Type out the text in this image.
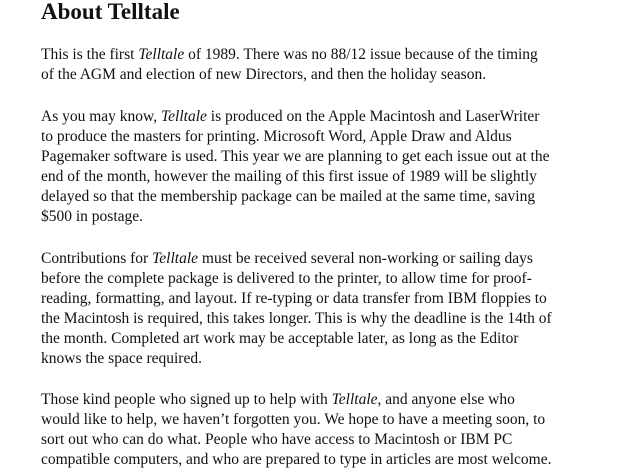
About Telltale

This is the first Telltale of 1989. There was no 88/12 issue because of the timing
of the AGM and election of new Directors, and then the holiday season.

As you may know, Telltale is produced on the Apple Macintosh and LaserWriter
to produce the masters for printing. Microsoft Word, Apple Draw and Aldus
Pagemaker software is used. This year we are planning to get each issue out at the
end of the month, however the mailing of this first issue of 1989 will be slightly
delayed so that the membership package can be mailed at the same time, saving
$500 in postage.

Contributions for Telltale must be received several non-working or sailing days
before the complete package is delivered to the printer, to allow time for proof-
reading, formatting, and layout. If re-typing or data transfer from IBM floppies to
the Macintosh is required, this takes longer. This is why the deadline is the 14th of
the month. Completed art work may be acceptable later, as long as the Editor
knows the space required.

Those kind people who signed up to help with Telltale, and anyone else who
would like to help, we haven’t forgotten you. We hope to have a meeting soon, to
sort out who can do what. People who have access to Macintosh or IBM PC
compatible computers, and who are prepared to type in articles are most welcome.
